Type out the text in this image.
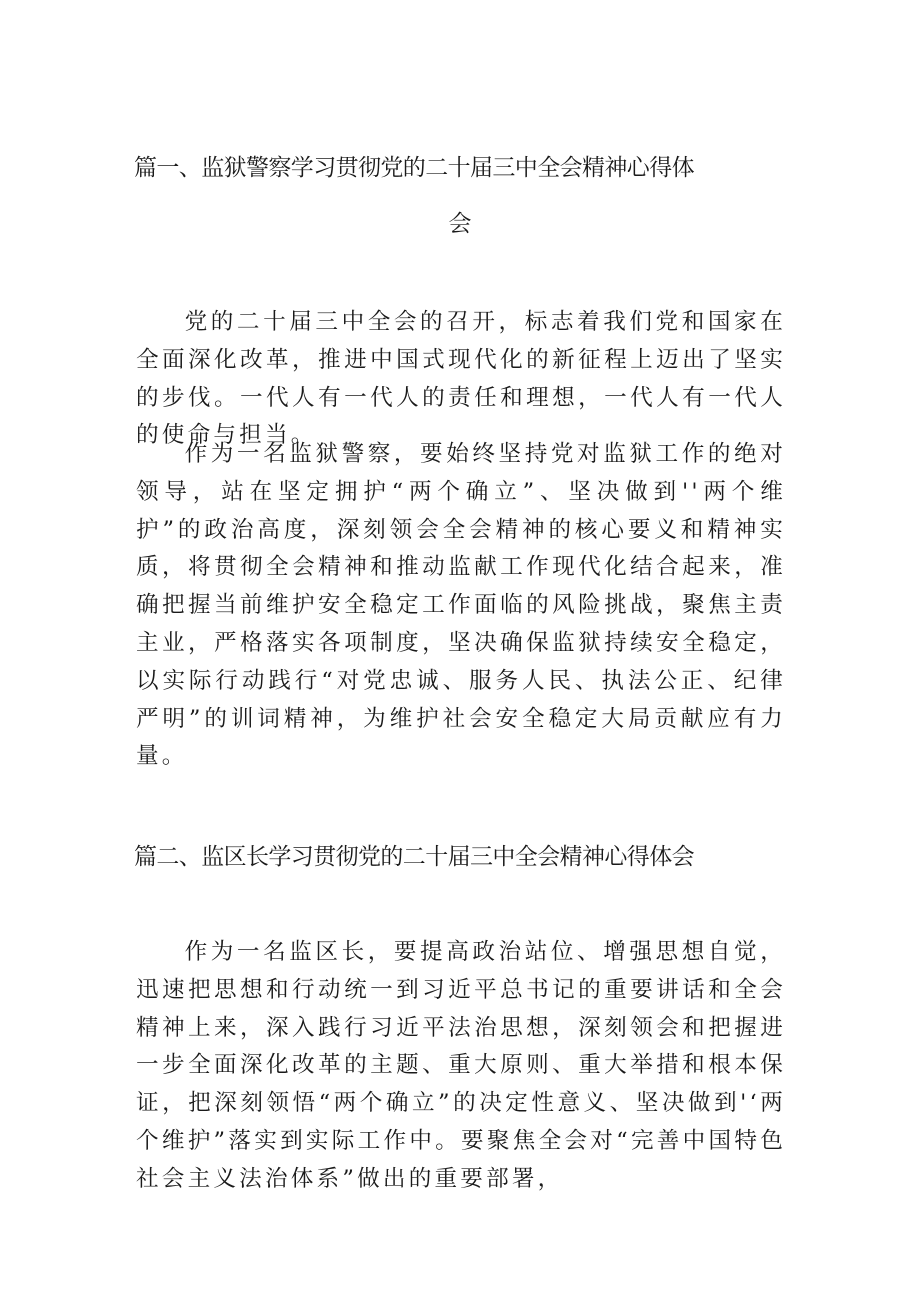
篇一、监狱警察学习贯彻党的二十届三中全会精神心得体
会

党的二十届三中全会的召开，标志着我们党和国家在全面深化改革，推进中国式现代化的新征程上迈出了坚实的步伐。一代人有一代人的责任和理想，一代人有一代人的使命与担当。

作为一名监狱警察，要始终坚持党对监狱工作的绝对领导，站在坚定拥护“两个确立”、坚决做到''两个维护”的政治高度，深刻领会全会精神的核心要义和精神实质，将贯彻全会精神和推动监献工作现代化结合起来，准确把握当前维护安全稳定工作面临的风险挑战，聚焦主责主业，严格落实各项制度，坚决确保监狱持续安全稳定，以实际行动践行“对党忠诚、服务人民、执法公正、纪律严明”的训词精神，为维护社会安全稳定大局贡献应有力量。

篇二、监区长学习贯彻党的二十届三中全会精神心得体会

作为一名监区长，要提高政治站位、增强思想自觉，迅速把思想和行动统一到习近平总书记的重要讲话和全会精神上来，深入践行习近平法治思想，深刻领会和把握进一步全面深化改革的主题、重大原则、重大举措和根本保证，把深刻领悟“两个确立”的决定性意义、坚决做到'‘两个维护”落实到实际工作中。要聚焦全会对“完善中国特色社会主义法治体系”做出的重要部署，
